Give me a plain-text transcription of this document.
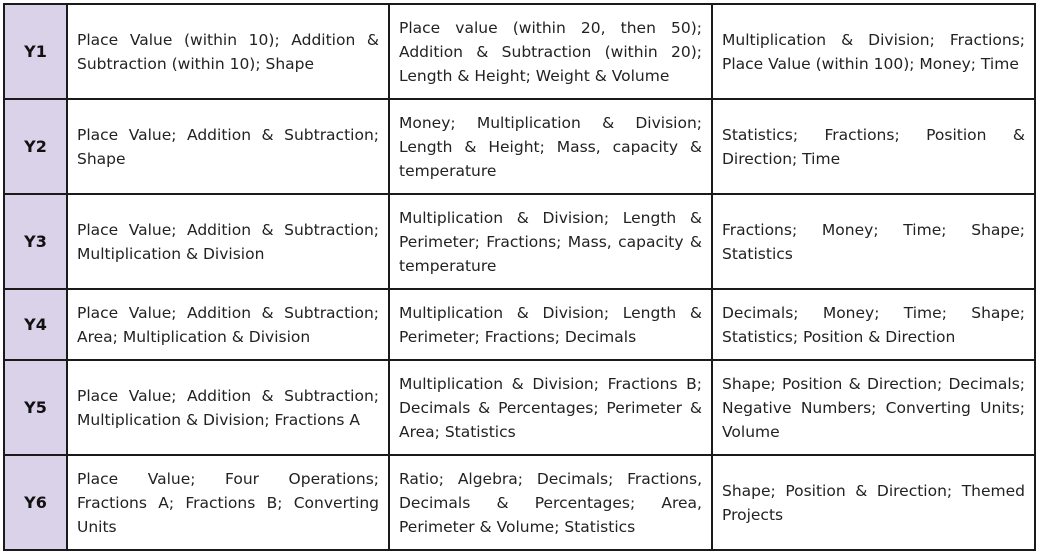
Y1	Place Value (within 10); Addition & Subtraction (within 10); Shape	Place value (within 20, then 50); Addition & Subtraction (within 20); Length & Height; Weight & Volume	Multiplication & Division; Fractions; Place Value (within 100); Money; Time
Y2	Place Value; Addition & Subtraction; Shape	Money; Multiplication & Division; Length & Height; Mass, capacity & temperature	Statistics; Fractions; Position & Direction; Time
Y3	Place Value; Addition & Subtraction; Multiplication & Division	Multiplication & Division; Length & Perimeter; Fractions; Mass, capacity & temperature	Fractions; Money; Time; Shape; Statistics
Y4	Place Value; Addition & Subtraction; Area; Multiplication & Division	Multiplication & Division; Length & Perimeter; Fractions; Decimals	Decimals; Money; Time; Shape; Statistics; Position & Direction
Y5	Place Value; Addition & Subtraction; Multiplication & Division; Fractions A	Multiplication & Division; Fractions B; Decimals & Percentages; Perimeter & Area; Statistics	Shape; Position & Direction; Decimals; Negative Numbers; Converting Units; Volume
Y6	Place Value; Four Operations; Fractions A; Fractions B; Converting Units	Ratio; Algebra; Decimals; Fractions, Decimals & Percentages; Area, Perimeter & Volume; Statistics	Shape; Position & Direction; Themed Projects
